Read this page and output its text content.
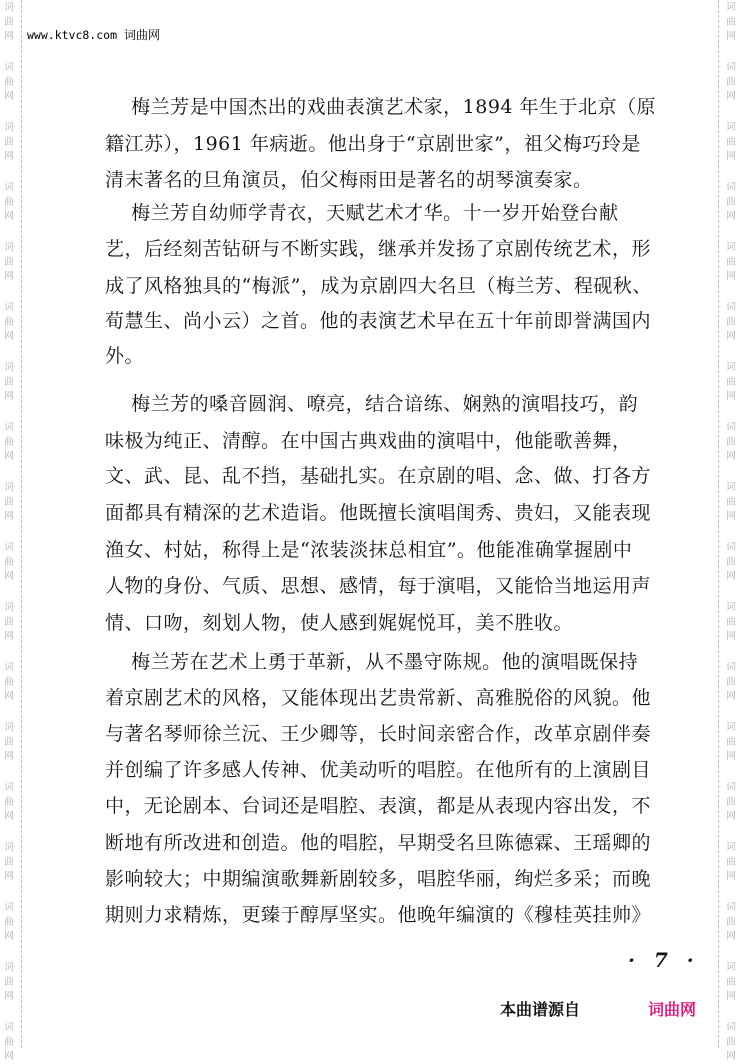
词
曲
网
词
曲
网
词
曲
网
词
曲
网
词
曲
网
词
曲
网
词
曲
网
词
曲
网
词
曲
网
词
曲
网
词
曲
网
词
曲
网
词
曲
网
词
曲
网
词
曲
网
词
曲
网
词
曲
网
词
曲
网
词
曲
网
词
曲
网
词
曲
网
词
曲
网
词
曲
网
词
曲
网
词
曲
网
词
曲
网
词
曲
网
词
曲
网
词
曲
网
词
曲
网
词
曲
网
词
曲
网
词
曲
网
词
曲
网
词
曲
网
词
曲
网
www.ktvc8.com 词曲网
梅兰芳是中国杰出的戏曲表演艺术家，1894 年生于北京（原
籍江苏），1961 年病逝。他出身于“京剧世家”，祖父梅巧玲是
清末著名的旦角演员，伯父梅雨田是著名的胡琴演奏家。
梅兰芳自幼师学青衣，天赋艺术才华。十一岁开始登台献
艺，后经刻苦钻研与不断实践，继承并发扬了京剧传统艺术，形
成了风格独具的“梅派”，成为京剧四大名旦（梅兰芳、程砚秋、
荀慧生、尚小云）之首。他的表演艺术早在五十年前即誉满国内
外。
梅兰芳的嗓音圆润、嘹亮，结合谙练、娴熟的演唱技巧，韵
味极为纯正、清醇。在中国古典戏曲的演唱中，他能歌善舞，
文、武、昆、乱不挡，基础扎实。在京剧的唱、念、做、打各方
面都具有精深的艺术造诣。他既擅长演唱闺秀、贵妇，又能表现
渔女、村姑，称得上是“浓装淡抹总相宜”。他能准确掌握剧中
人物的身份、气质、思想、感情，每于演唱，又能恰当地运用声
情、口吻，刻划人物，使人感到娓娓悦耳，美不胜收。
梅兰芳在艺术上勇于革新，从不墨守陈规。他的演唱既保持
着京剧艺术的风格，又能体现出艺贵常新、高雅脱俗的风貌。他
与著名琴师徐兰沅、王少卿等，长时间亲密合作，改革京剧伴奏
并创编了许多感人传神、优美动听的唱腔。在他所有的上演剧目
中，无论剧本、台词还是唱腔、表演，都是从表现内容出发，不
断地有所改进和创造。他的唱腔，早期受名旦陈德霖、王瑶卿的
影响较大；中期编演歌舞新剧较多，唱腔华丽，绚烂多采；而晚
期则力求精炼，更臻于醇厚坚实。他晚年编演的《穆桂英挂帅》
· 7 ·
本曲谱源自	词曲网
